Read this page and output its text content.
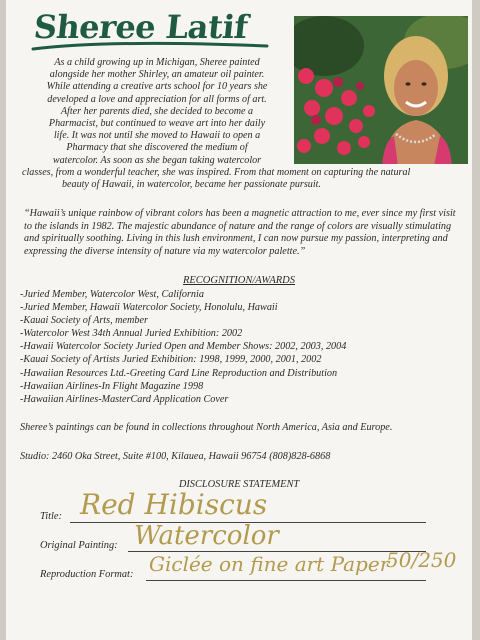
Sheree Latif
As a child growing up in Michigan, Sheree painted
alongside her mother Shirley, an amateur oil painter.
While attending a creative arts school for 10 years she
developed a love and appreciation for all forms of art.
After her parents died, she decided to become a
Pharmacist, but continued to weave art into her daily
life. It was not until she moved to Hawaii to open a
Pharmacy that she discovered the medium of
watercolor. As soon as she began taking watercolor
classes, from a wonderful teacher, she was inspired. From that moment on capturing the natural
beauty of Hawaii, in watercolor, became her passionate pursuit.
“Hawaii’s unique rainbow of vibrant colors has been a magnetic attraction to me, ever since my first visit to the islands in 1982. The majestic abundance of nature and the range of colors are visually stimulating and spiritually soothing. Living in this lush environment, I can now pursue my passion, interpreting and expressing the diverse intensity of nature via my watercolor palette.”
RECOGNITION/AWARDS
-Juried Member, Watercolor West, California
-Juried Member, Hawaii Watercolor Society, Honolulu, Hawaii
-Kauai Society of Arts, member
-Watercolor West 34th Annual Juried Exhibition: 2002
-Hawaii Watercolor Society Juried Open and Member Shows: 2002, 2003, 2004
-Kauai Society of Artists Juried Exhibition: 1998, 1999, 2000, 2001, 2002
-Hawaiian Resources Ltd.-Greeting Card Line Reproduction and Distribution
-Hawaiian Airlines-In Flight Magazine 1998
-Hawaiian Airlines-MasterCard Application Cover
Sheree’s paintings can be found in collections throughout North America, Asia and Europe.
Studio: 2460 Oka Street, Suite #100, Kilauea, Hawaii 96754 (808)828-6868
DISCLOSURE STATEMENT
Title: Red Hibiscus
Original Painting: Watercolor
Reproduction Format: Giclée on fine art Paper
50/250
